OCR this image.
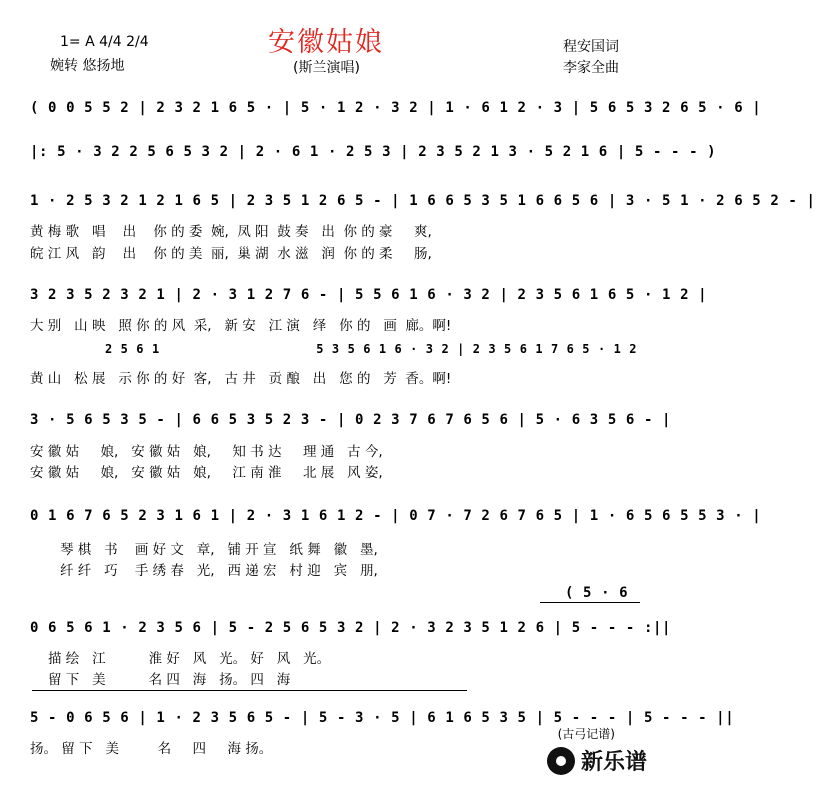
1= A 4/4 2/4
婉转 悠扬地
安徽姑娘
(斯兰演唱)
程安国词
李家全曲
( 0 0 5 5 2 | 2 3 2 1 6 5 · | 5 · 1 2 · 3 2 | 1 · 6 1 2 · 3 | 5 6 5 3 2 6 5 · 6 |
|: 5 · 3 2 2 5 6 5 3 2 | 2 · 6 1 · 2 5 3 | 2 3 5 2 1 3 · 5 2 1 6 | 5 - - - )
1 · 2 5 3 2 1 2 1 6 5 | 2 3 5 1 2 6 5 - | 1 6 6 5 3 5 1 6 6 5 6 | 3 · 5 1 · 2 6 5 2 - |
黄 梅 歌   唱    出    你 的 委  婉,  凤 阳  鼓 奏   出  你 的 豪     爽,
皖 江 风   韵    出    你 的 美  丽,  巢 湖  水 滋   润  你 的 柔     肠,
3 2 3 5 2 3 2 1 | 2 · 3 1 2 7 6 - | 5 5 6 1 6 · 3 2 | 2 3 5 6 1 6 5 · 1 2 |
大 别   山 映   照 你 的 风  采,   新 安   江 演   绎   你 的   画  廊。啊!
2 5 6 1                    5 3 5 6 1 6 · 3 2 | 2 3 5 6 1 7 6 5 · 1 2
黄 山   松 展   示 你 的 好  客,   古 井   贡 酿   出   您 的   芳  香。啊!
3 · 5 6 5 3 5 - | 6 6 5 3 5 2 3 - | 0 2 3 7 6 7 6 5 6 | 5 · 6 3 5 6 - |
安 徽 姑     娘,   安 徽 姑   娘,     知 书 达     理 通   古 今,
安 徽 姑     娘,   安 徽 姑   娘,     江 南 淮     北 展   风 姿,
0 1 6 7 6 5 2 3 1 6 1 | 2 · 3 1 6 1 2 - | 0 7 · 7 2 6 7 6 5 | 1 · 6 5 6 5 5 3 · |
琴 棋   书    画 好 文   章,   铺 开 宣   纸 舞   徽   墨,
纤 纤   巧    手 绣 春   光,   西 递 宏   村 迎   宾   朋,
( 5 · 6
0 6 5 6 1 · 2 3 5 6 | 5 - 2 5 6 5 3 2 | 2 · 3 2 3 5 1 2 6 | 5 - - - :||
描 绘   江          淮 好   风   光。 好   风   光。
留 下   美          名 四   海   扬。 四   海
5 - 0 6 5 6 | 1 · 2 3 5 6 5 - | 5 - 3 · 5 | 6 1 6 5 3 5 | 5 - - - | 5 - - - ||
扬。 留 下   美         名     四     海 扬。
(古弓记谱)
新乐谱
